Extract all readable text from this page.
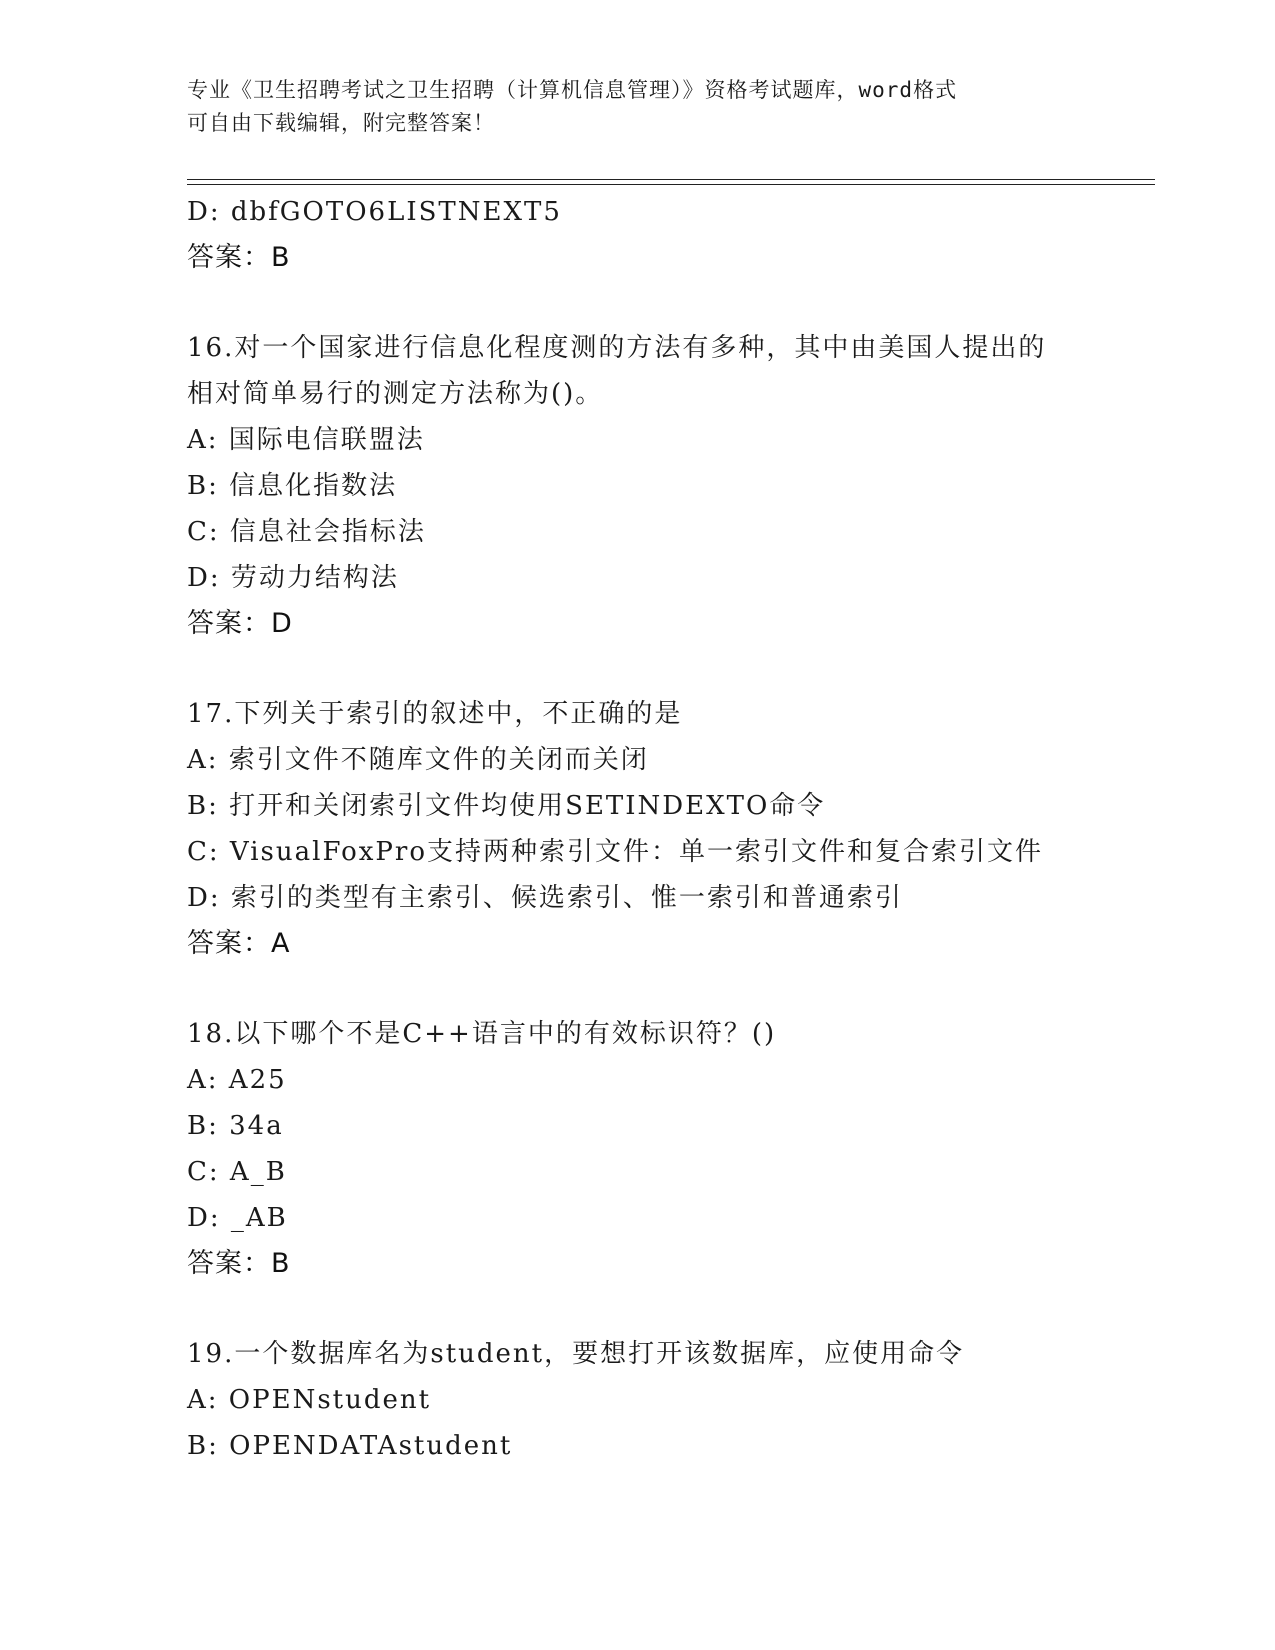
专业《卫生招聘考试之卫生招聘（计算机信息管理）》资格考试题库，word格式
可自由下载编辑，附完整答案！
D: dbfGOTO6LISTNEXT5
答案：B
16.对一个国家进行信息化程度测的方法有多种，其中由美国人提出的
相对简单易行的测定方法称为()。
A: 国际电信联盟法
B: 信息化指数法
C: 信息社会指标法
D: 劳动力结构法
答案：D
17.下列关于索引的叙述中，不正确的是
A: 索引文件不随库文件的关闭而关闭
B: 打开和关闭索引文件均使用SETINDEXTO命令
C: VisualFoxPro支持两种索引文件：单一索引文件和复合索引文件
D: 索引的类型有主索引、候选索引、惟一索引和普通索引
答案：A
18.以下哪个不是C++语言中的有效标识符？()
A: A25
B: 34a
C: A_B
D: _AB
答案：B
19.一个数据库名为student，要想打开该数据库，应使用命令
A: OPENstudent
B: OPENDATAstudent
